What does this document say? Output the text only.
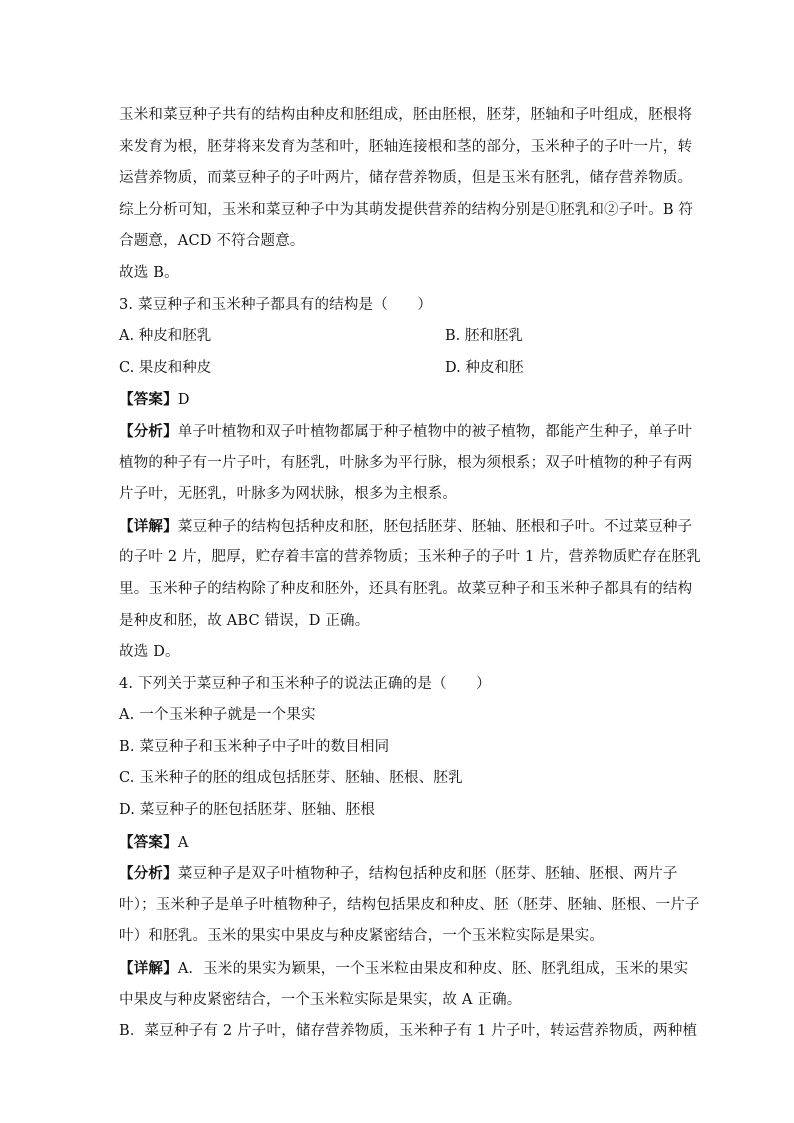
玉米和菜豆种子共有的结构由种皮和胚组成，胚由胚根，胚芽，胚轴和子叶组成，胚根将
来发育为根，胚芽将来发育为茎和叶，胚轴连接根和茎的部分，玉米种子的子叶一片，转
运营养物质，而菜豆种子的子叶两片，储存营养物质，但是玉米有胚乳，储存营养物质。
综上分析可知，玉米和菜豆种子中为其萌发提供营养的结构分别是①胚乳和②子叶。B 符
合题意，ACD 不符合题意。
故选 B。
3. 菜豆种子和玉米种子都具有的结构是（　　）
A. 种皮和胚乳	B. 胚和胚乳
C. 果皮和种皮	D. 种皮和胚
【答案】D
【分析】单子叶植物和双子叶植物都属于种子植物中的被子植物，都能产生种子，单子叶
植物的种子有一片子叶，有胚乳，叶脉多为平行脉，根为须根系；双子叶植物的种子有两
片子叶，无胚乳，叶脉多为网状脉，根多为主根系。
【详解】菜豆种子的结构包括种皮和胚，胚包括胚芽、胚轴、胚根和子叶。不过菜豆种子
的子叶 2 片，肥厚，贮存着丰富的营养物质；玉米种子的子叶 1 片，营养物质贮存在胚乳
里。玉米种子的结构除了种皮和胚外，还具有胚乳。故菜豆种子和玉米种子都具有的结构
是种皮和胚，故 ABC 错误，D 正确。
故选 D。
4. 下列关于菜豆种子和玉米种子的说法正确的是（　　）
A. 一个玉米种子就是一个果实
B. 菜豆种子和玉米种子中子叶的数目相同
C. 玉米种子的胚的组成包括胚芽、胚轴、胚根、胚乳
D. 菜豆种子的胚包括胚芽、胚轴、胚根
【答案】A
【分析】菜豆种子是双子叶植物种子，结构包括种皮和胚（胚芽、胚轴、胚根、两片子
叶）；玉米种子是单子叶植物种子，结构包括果皮和种皮、胚（胚芽、胚轴、胚根、一片子
叶）和胚乳。玉米的果实中果皮与种皮紧密结合，一个玉米粒实际是果实。
【详解】A．玉米的果实为颖果，一个玉米粒由果皮和种皮、胚、胚乳组成，玉米的果实
中果皮与种皮紧密结合，一个玉米粒实际是果实，故 A 正确。
B．菜豆种子有 2 片子叶，储存营养物质，玉米种子有 1 片子叶，转运营养物质，两种植
